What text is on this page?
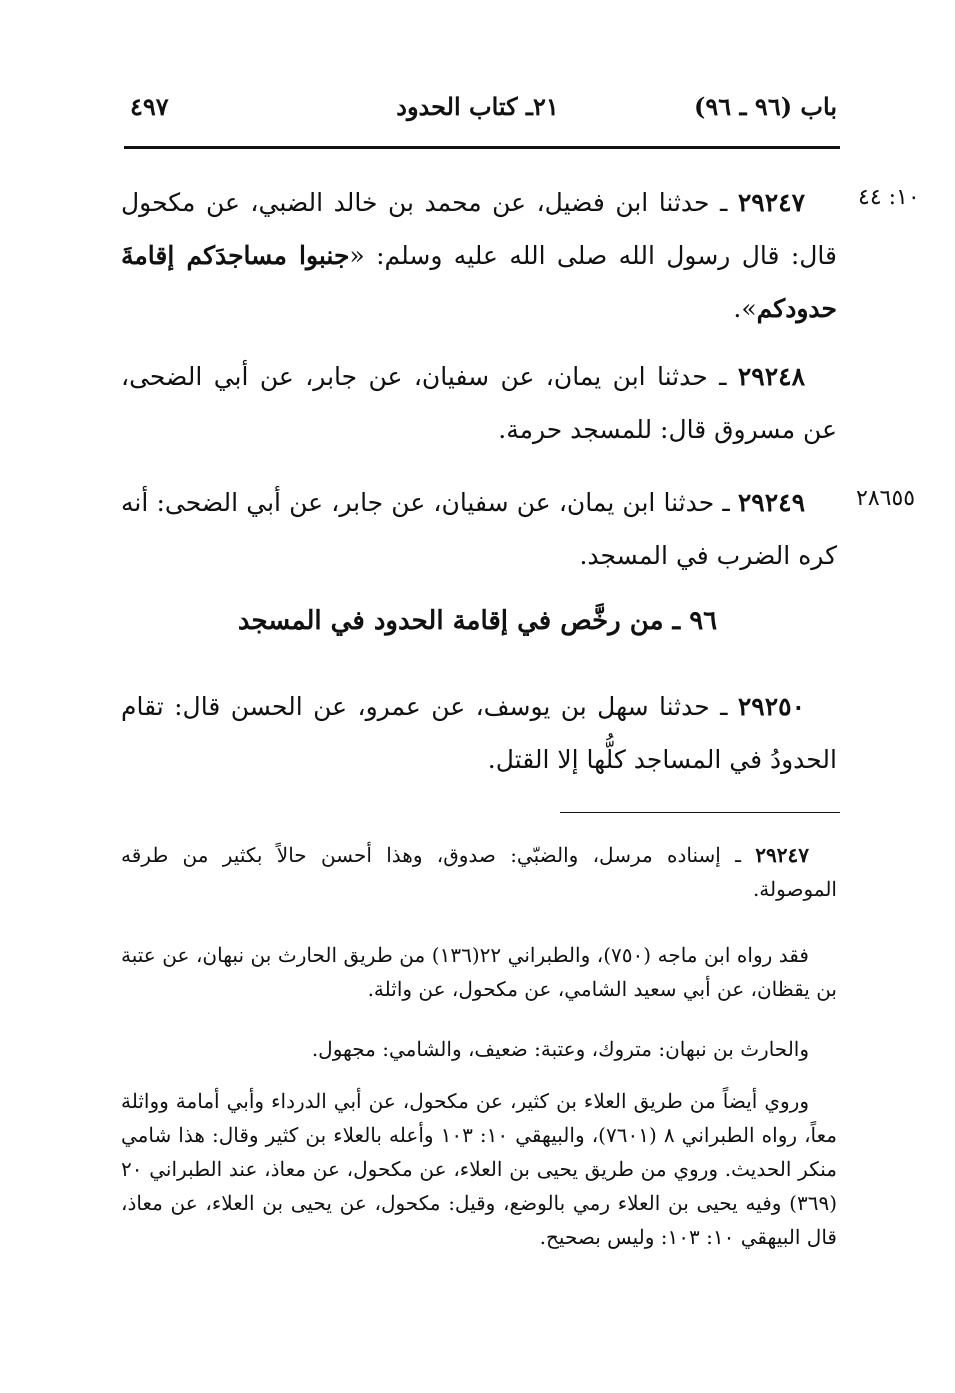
باب (٩٦ ـ ٩٦)
٢١ـ كتاب الحدود
٤٩٧
١٠: ٤٤
٢٨٦٥٥
٢٩٢٤٧ ـ حدثنا ابن فضيل، عن محمد بن خالد الضبي، عن مكحول قال: قال رسول الله صلى الله عليه وسلم: «جنبوا مساجدَكم إقامةَ حدودكم».
٢٩٢٤٨ ـ حدثنا ابن يمان، عن سفيان، عن جابر، عن أبي الضحى، عن مسروق قال: للمسجد حرمة.
٢٩٢٤٩ ـ حدثنا ابن يمان، عن سفيان، عن جابر، عن أبي الضحى: أنه كره الضرب في المسجد.
٩٦ ـ من رخَّص في إقامة الحدود في المسجد
٢٩٢٥٠ ـ حدثنا سهل بن يوسف، عن عمرو، عن الحسن قال: تقام الحدودُ في المساجد كلُّها إلا القتل.
٢٩٢٤٧ ـ إسناده مرسل، والضبّي: صدوق، وهذا أحسن حالاً بكثير من طرقه الموصولة.
فقد رواه ابن ماجه (٧٥٠)، والطبراني ٢٢(١٣٦) من طريق الحارث بن نبهان، عن عتبة بن يقظان، عن أبي سعيد الشامي، عن مكحول، عن واثلة.
والحارث بن نبهان: متروك، وعتبة: ضعيف، والشامي: مجهول.
وروي أيضاً من طريق العلاء بن كثير، عن مكحول، عن أبي الدرداء وأبي أمامة وواثلة معاً، رواه الطبراني ٨ (٧٦٠١)، والبيهقي ١٠: ١٠٣ وأعله بالعلاء بن كثير وقال: هذا شامي منكر الحديث. وروي من طريق يحيى بن العلاء، عن مكحول، عن معاذ، عند الطبراني ٢٠ (٣٦٩) وفيه يحيى بن العلاء رمي بالوضع، وقيل: مكحول، عن يحيى بن العلاء، عن معاذ، قال البيهقي ١٠: ١٠٣: وليس بصحيح.
